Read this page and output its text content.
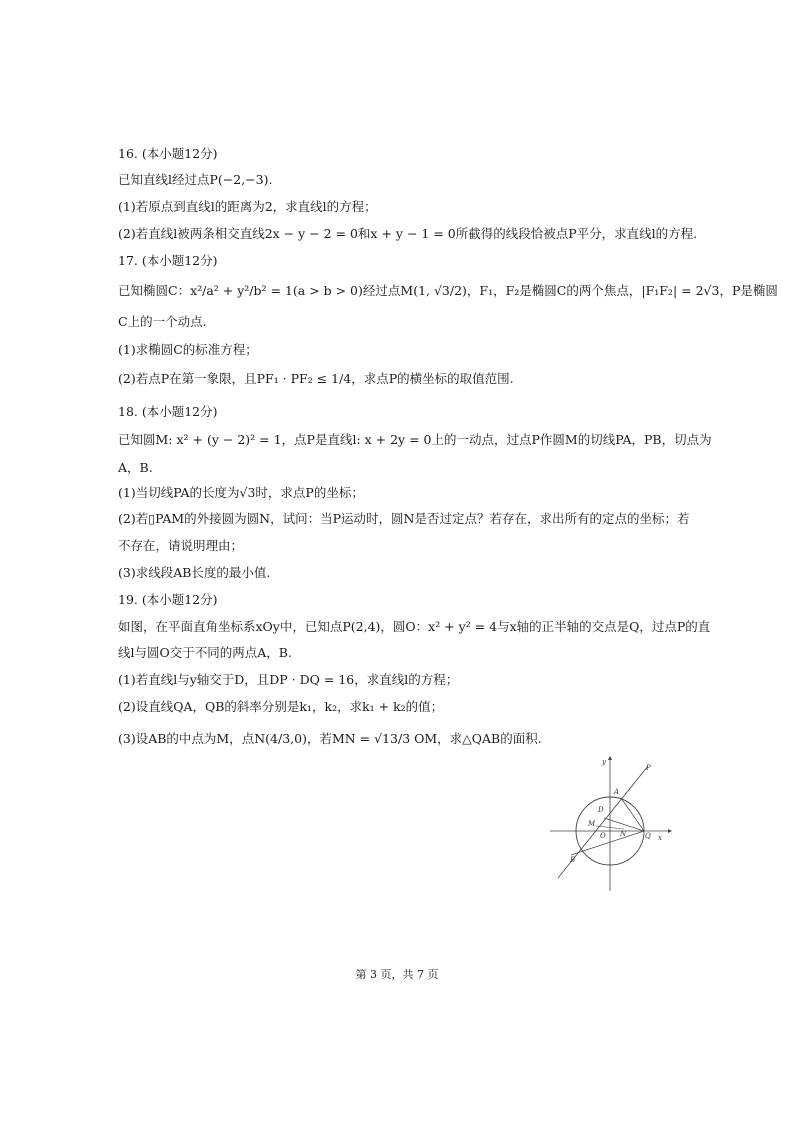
16. (本小题12分)
已知直线l经过点P(−2,−3).
(1)若原点到直线l的距离为2，求直线l的方程；
(2)若直线l被两条相交直线2x − y − 2 = 0和x + y − 1 = 0所截得的线段恰被点P平分，求直线l的方程.
17. (本小题12分)
已知椭圆C：x²/a² + y²/b² = 1(a > b > 0)经过点M(1, √3/2)，F₁，F₂是椭圆C的两个焦点，|F₁F₂| = 2√3，P是椭圆
C上的一个动点.
(1)求椭圆C的标准方程；
(2)若点P在第一象限，且PF₁ · PF₂ ≤ 1/4，求点P的横坐标的取值范围.
18. (本小题12分)
已知圆M: x² + (y − 2)² = 1，点P是直线l: x + 2y = 0上的一动点，过点P作圆M的切线PA，PB，切点为
A，B.
(1)当切线PA的长度为√3时，求点P的坐标；
(2)若▯PAM的外接圆为圆N，试问：当P运动时，圆N是否过定点？若存在，求出所有的定点的坐标；若
不存在，请说明理由；
(3)求线段AB长度的最小值.
19. (本小题12分)
如图，在平面直角坐标系xOy中，已知点P(2,4)，圆O：x² + y² = 4与x轴的正半轴的交点是Q，过点P的直
线l与圆O交于不同的两点A，B.
(1)若直线l与y轴交于D，且DP · DQ = 16，求直线l的方程；
(2)设直线QA，QB的斜率分别是k₁，k₂，求k₁ + k₂的值；
(3)设AB的中点为M，点N(4/3,0)，若MN = √13/3 OM，求△QAB的面积.
y
x
P
A
D
M
O N	Q
B
第 3 页，共 7 页
